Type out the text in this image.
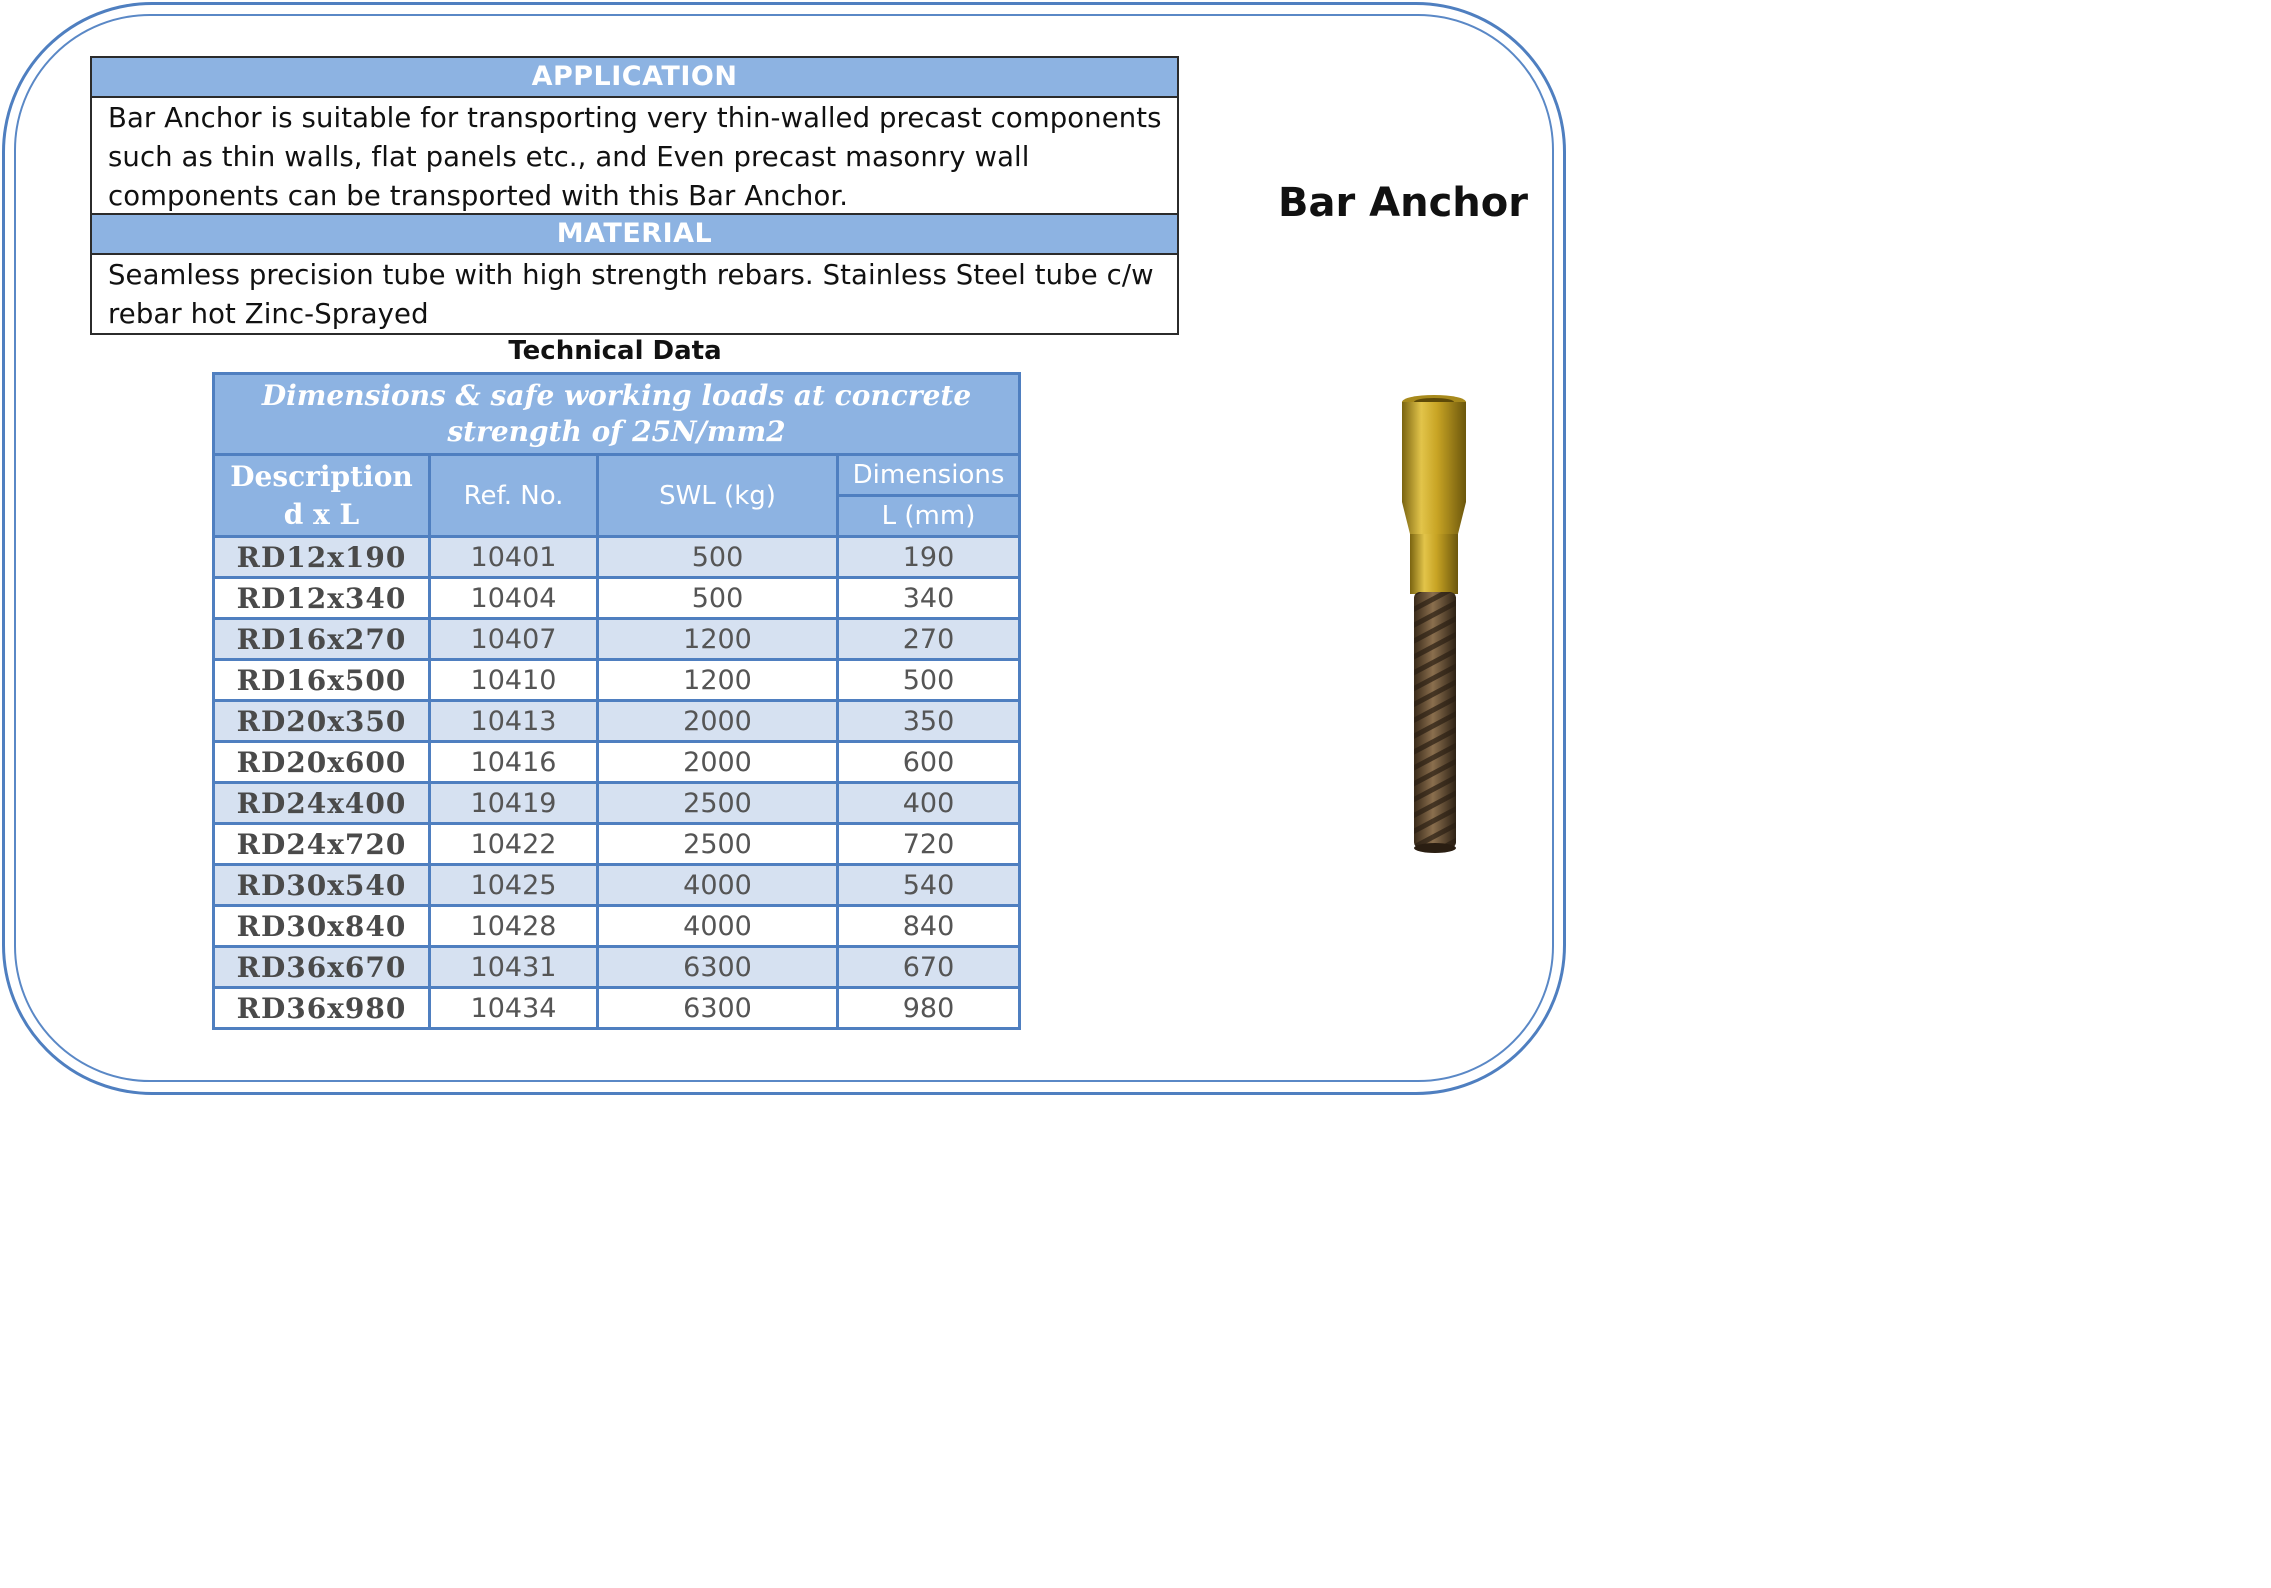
APPLICATION
Bar Anchor is suitable for transporting very thin-walled precast components such as thin walls, flat panels etc., and Even precast masonry wall components can be transported with this Bar Anchor.
MATERIAL
Seamless precision tube with high strength rebars. Stainless Steel tube c/w rebar hot Zinc-Sprayed
Bar Anchor
Technical Data
Dimensions & safe working loads at concrete strength of 25N/mm2			

Description
d x L	Ref. No.	SWL (kg)	Dimensions
			L (mm)
RD12x190	10401	500	190
RD12x340	10404	500	340
RD16x270	10407	1200	270
RD16x500	10410	1200	500
RD20x350	10413	2000	350
RD20x600	10416	2000	600
RD24x400	10419	2500	400
RD24x720	10422	2500	720
RD30x540	10425	4000	540
RD30x840	10428	4000	840
RD36x670	10431	6300	670
RD36x980	10434	6300	980
